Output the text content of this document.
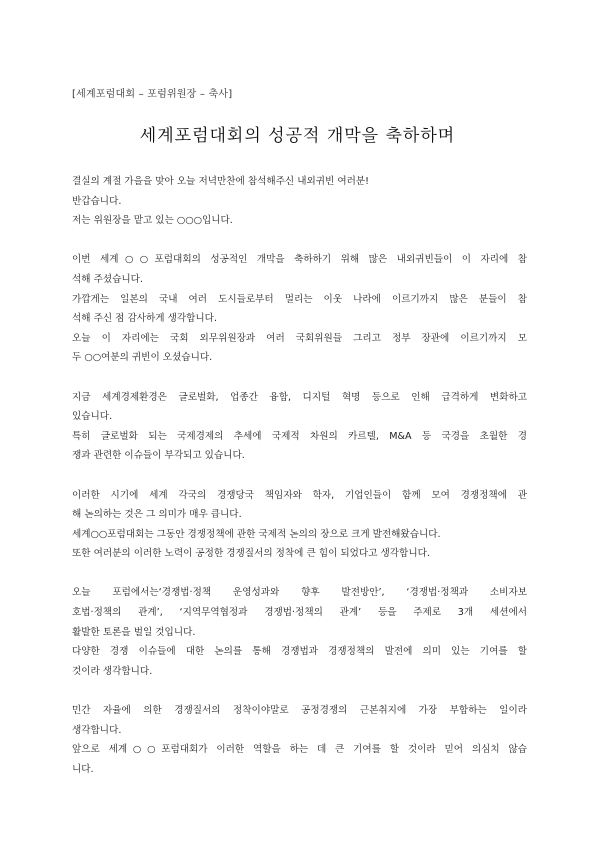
[세계포럼대회 – 포럼위원장 – 축사]
세계포럼대회의 성공적 개막을 축하하며
결실의 계절 가을을 맞아 오늘 저녁만찬에 참석해주신 내외귀빈 여러분!
반갑습니다.
저는 위원장을 맡고 있는 ○○○입니다.
이번 세계○○포럼대회의 성공적인 개막을 축하하기 위해 많은 내외귀빈들이 이 자리에 참
석해 주셨습니다.
가깝게는 일본의 국내 여러 도시들로부터 멀리는 이웃 나라에 이르기까지 많은 분들이 참
석해 주신 점 감사하게 생각합니다.
오늘 이 자리에는 국회 외무위원장과 여러 국회위원들 그리고 정부 장관에 이르기까지 모
두 ○○여분의 귀빈이 오셨습니다.
지금 세계경제환경은 글로벌화, 업종간 융합, 디지털 혁명 등으로 인해 급격하게 변화하고
있습니다.
특히 글로벌화 되는 국제경제의 추세에 국제적 차원의 카르텔, M&A 등 국경을 초월한 경
쟁과 관련한 이슈들이 부각되고 있습니다.
이러한 시기에 세계 각국의 경쟁당국 책임자와 학자, 기업인들이 함께 모여 경쟁정책에 관
해 논의하는 것은 그 의미가 매우 큽니다.
세계○○포럼대회는 그동안 경쟁정책에 관한 국제적 논의의 장으로 크게 발전해왔습니다.
또한 여러분의 이러한 노력이 공정한 경쟁질서의 정착에 큰 힘이 되었다고 생각합니다.
오늘 포럼에서는‘경쟁법·정책 운영성과와 향후 발전방안’, ‘경쟁법·정책과 소비자보
호법·정책의 관계’, ‘지역무역협정과 경쟁법·정책의 관계’ 등을 주제로 3개 세션에서
활발한 토론을 벌일 것입니다.
다양한 경쟁 이슈들에 대한 논의를 통해 경쟁법과 경쟁정책의 발전에 의미 있는 기여를 할
것이라 생각합니다.
민간 자율에 의한 경쟁질서의 정착이야말로 공정경쟁의 근본취지에 가장 부합하는 일이라
생각합니다.
앞으로 세계○○포럼대회가 이러한 역할을 하는 데 큰 기여를 할 것이라 믿어 의심치 않습
니다.
